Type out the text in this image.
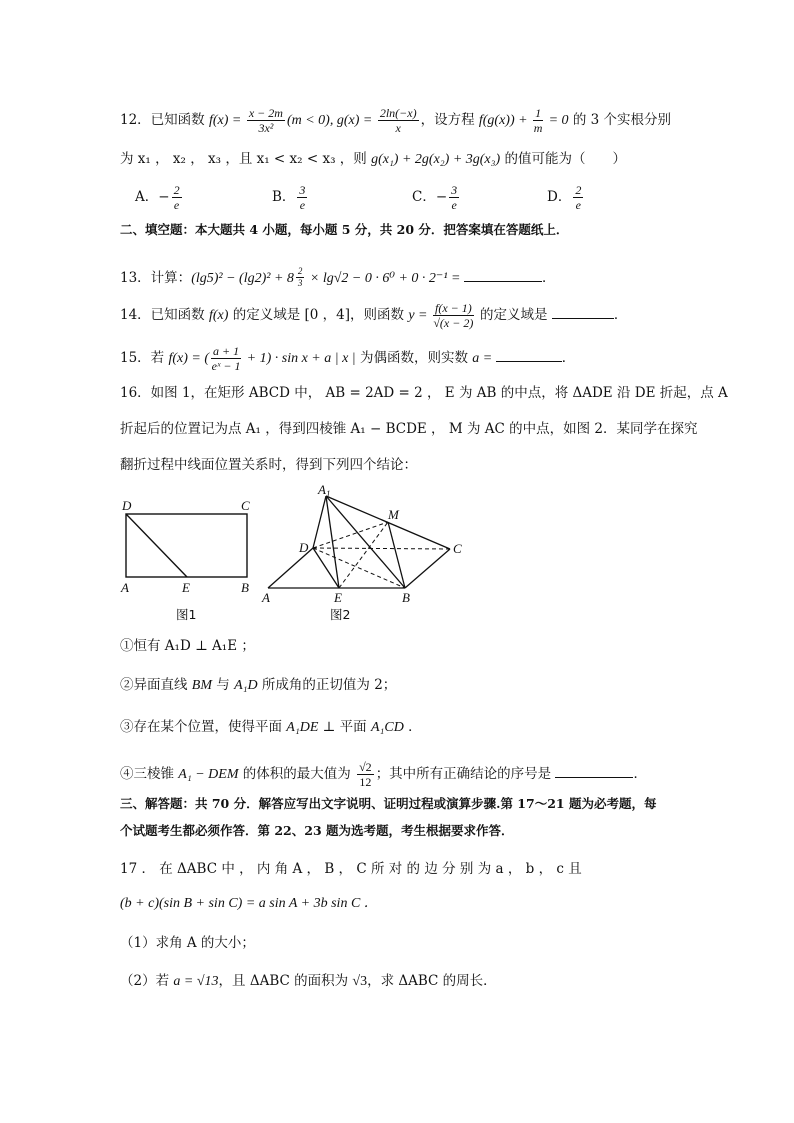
12．已知函数 $f(x) = \frac{x - 2m}{\text{3x²}} (m < 0)$, $g(x) = \frac{2\ln(-x)}{x}$ ，设方程 $f(g(x)) + \frac{1}{m} = 0$ 的 3 个实根分别
为 x₁ ， x₂ ， x₃ ，且 x₁ < x₂ < x₃ ，则 g(x₁) + 2g(x₂) + 3g(x₃) 的值可能为（　　）
A．− $\frac{2}{e}$	B． $\frac{3}{e}$	C．− $\frac{3}{e}$	D． $\frac{2}{e}$
二、填空题：本大题共 4 小题，每小题 5 分，共 20 分．把答案填在答题纸上．
13．计算：(lg5)² − (lg2)² + 8 $^{\frac{2}{3}}$ × lg√2 − 0 · 6⁰ + 0 · 2⁻¹ =	．
14．已知函数 f(x) 的定义域是 [0 ，4]，则函数 $y = \frac{f(x - 1)}{√(x - 2)}$ 的定义域是	．
15．若 f(x) = ( $\frac{a + 1}{\text{eˣ − 1}} + 1) \cdot \sin x + a$ | x | 为偶函数，则实数 a =	．
16．如图 1，在矩形 ABCD 中， AB = 2AD = 2 ， E 为 AB 的中点，将 ΔADE 沿 DE 折起，点 A
折起后的位置记为点 A₁ ，得到四棱锥 A₁ − BCDE ， M 为 AC 的中点，如图 2．某同学在探究
翻折过程中线面位置关系时，得到下列四个结论：
D	C
A	E	B
图1
$A_1$
M
D	C
A	E	B
图2
①恒有 A₁D ⊥ A₁E ；
②异面直线 BM 与 A₁D 所成角的正切值为 2；
③存在某个位置，使得平面 A₁DE ⊥ 平面 A₁CD ．
④三棱锥 A₁ − DEM 的体积的最大值为 $\frac{√2}{12}$ ；其中所有正确结论的序号是	．
三、解答题：共 70 分．解答应写出文字说明、证明过程或演算步骤.第 17～21 题为必考题，每
个试题考生都必须作答．第 22、23 题为选考题，考生根据要求作答．
17 ． 在 ΔABC 中 ， 内 角 A ， B ， C 所 对 的 边 分 别 为 a ， b ， c 且
(b + c)(sin B + sin C) = a sin A + 3b sin C ．
（1）求角 A 的大小；
（2）若 a = √13，且 ΔABC 的面积为 √3，求 ΔABC 的周长．
